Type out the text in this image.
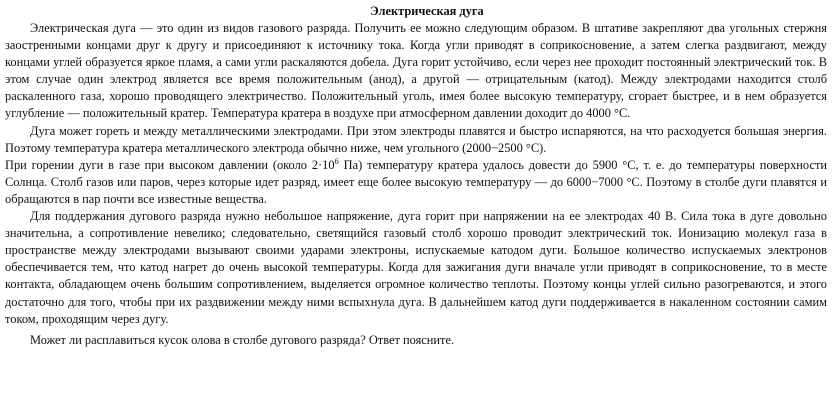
Электрическая дуга

Электрическая дуга — это один из видов газового разряда. Получить ее можно следующим образом. В штативе закрепляют два угольных стержня заостренными концами друг к другу и присоединяют к источнику тока. Когда угли приводят в соприкосновение, а затем слегка раздвигают, между концами углей образуется яркое пламя, а сами угли раскаляются добела. Дуга горит устойчиво, если через нее проходит постоянный электрический ток. В этом случае один электрод является все время положительным (анод), а другой — отрицательным (катод). Между электродами находится столб раскаленного газа, хорошо проводящего электричество. Положительный уголь, имея более высокую температуру, сгорает быстрее, и в нем образуется углубление — положительный кратер. Температура кратера в воздухе при атмосферном давлении доходит до 4000 °С.

Дуга может гореть и между металлическими электродами. При этом электроды плавятся и быстро испаряются, на что расходуется большая энергия. Поэтому температура кратера металлического электрода обычно ниже, чем угольного (2000−2500 °С).

При горении дуги в газе при высоком давлении (около $2\cdot 10^6$ Па) температуру кратера удалось довести до 5900 °С, т. е. до температуры поверхности Солнца. Столб газов или паров, через которые идет разряд, имеет еще более высокую температуру — до 6000−7000 °С. Поэтому в столбе дуги плавятся и обращаются в пар почти все известные вещества.

Для поддержания дугового разряда нужно небольшое напряжение, дуга горит при напряжении на ее электродах 40 В. Сила тока в дуге довольно значительна, а сопротивление невелико; следовательно, светящийся газовый столб хорошо проводит электрический ток. Ионизацию молекул газа в пространстве между электродами вызывают своими ударами электроны, испускаемые катодом дуги. Большое количество испускаемых электронов обеспечивается тем, что катод нагрет до очень высокой температуры. Когда для зажигания дуги вначале угли приводят в соприкосновение, то в месте контакта, обладающем очень большим сопротивлением, выделяется огромное количество теплоты. Поэтому концы углей сильно разогреваются, и этого достаточно для того, чтобы при их раздвижении между ними вспыхнула дуга. В дальнейшем катод дуги поддерживается в накаленном состоянии самим током, проходящим через дугу.

Может ли расплавиться кусок олова в столбе дугового разряда? Ответ поясните.
